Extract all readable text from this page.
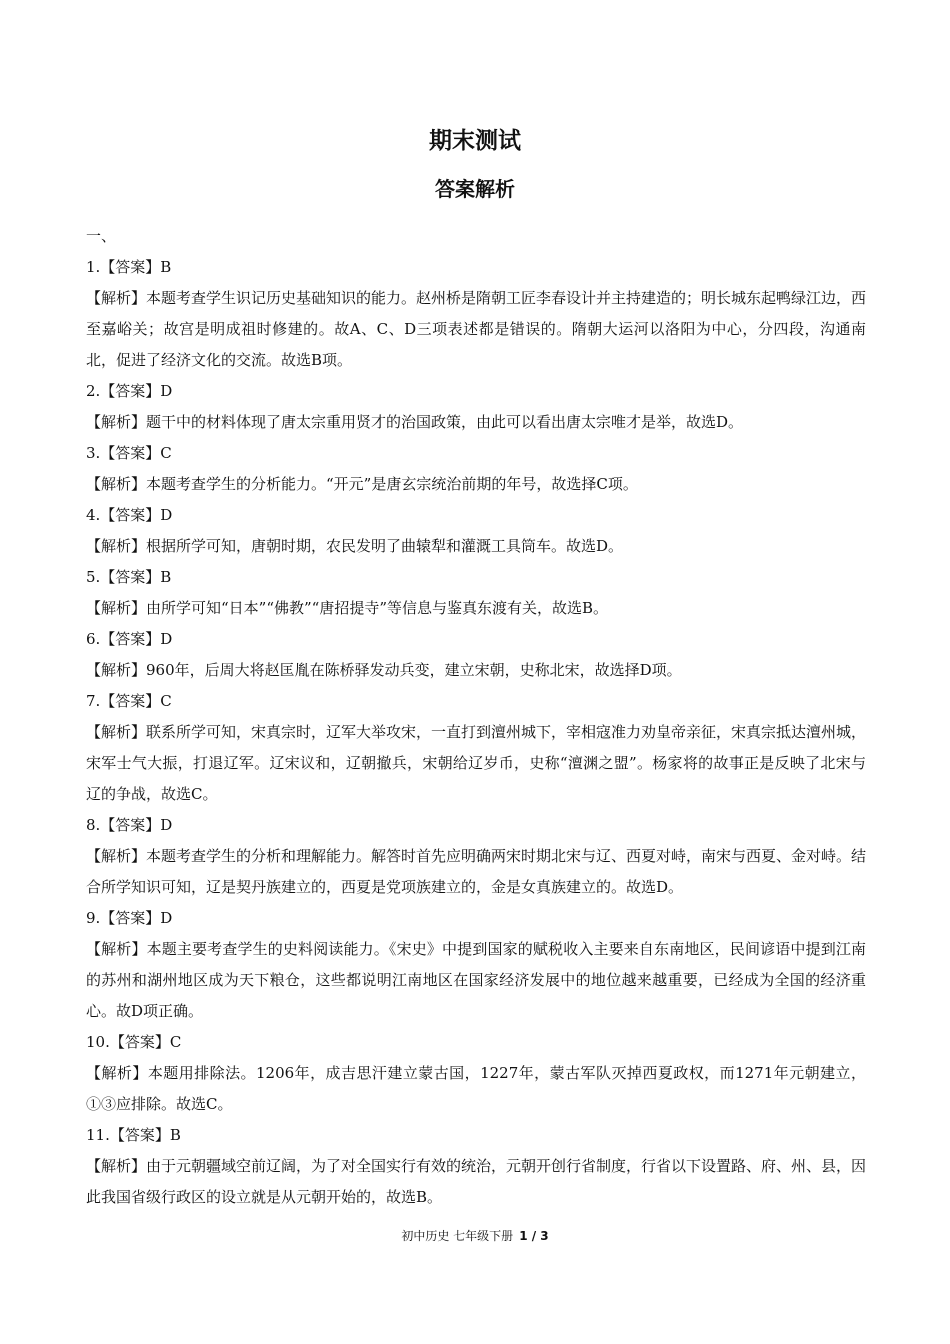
期末测试
答案解析

一、

1.【答案】B

【解析】本题考查学生识记历史基础知识的能力。赵州桥是隋朝工匠李春设计并主持建造的；明长城东起鸭绿江边，西至嘉峪关；故宫是明成祖时修建的。故A、C、D三项表述都是错误的。隋朝大运河以洛阳为中心，分四段，沟通南北，促进了经济文化的交流。故选B项。

2.【答案】D

【解析】题干中的材料体现了唐太宗重用贤才的治国政策，由此可以看出唐太宗唯才是举，故选D。

3.【答案】C

【解析】本题考查学生的分析能力。“开元”是唐玄宗统治前期的年号，故选择C项。

4.【答案】D

【解析】根据所学可知，唐朝时期，农民发明了曲辕犁和灌溉工具筒车。故选D。

5.【答案】B

【解析】由所学可知“日本”“佛教”“唐招提寺”等信息与鉴真东渡有关，故选B。

6.【答案】D

【解析】960年，后周大将赵匡胤在陈桥驿发动兵变，建立宋朝，史称北宋，故选择D项。

7.【答案】C

【解析】联系所学可知，宋真宗时，辽军大举攻宋，一直打到澶州城下，宰相寇准力劝皇帝亲征，宋真宗抵达澶州城，宋军士气大振，打退辽军。辽宋议和，辽朝撤兵，宋朝给辽岁币，史称“澶渊之盟”。杨家将的故事正是反映了北宋与辽的争战，故选C。

8.【答案】D

【解析】本题考查学生的分析和理解能力。解答时首先应明确两宋时期北宋与辽、西夏对峙，南宋与西夏、金对峙。结合所学知识可知，辽是契丹族建立的，西夏是党项族建立的，金是女真族建立的。故选D。

9.【答案】D

【解析】本题主要考查学生的史料阅读能力。《宋史》中提到国家的赋税收入主要来自东南地区，民间谚语中提到江南的苏州和湖州地区成为天下粮仓，这些都说明江南地区在国家经济发展中的地位越来越重要，已经成为全国的经济重心。故D项正确。

10.【答案】C

【解析】本题用排除法。1206年，成吉思汗建立蒙古国，1227年，蒙古军队灭掉西夏政权，而1271年元朝建立，①③应排除。故选C。

11.【答案】B

【解析】由于元朝疆域空前辽阔，为了对全国实行有效的统治，元朝开创行省制度，行省以下设置路、府、州、县，因此我国省级行政区的设立就是从元朝开始的，故选B。

初中历史 七年级下册 1 / 3
